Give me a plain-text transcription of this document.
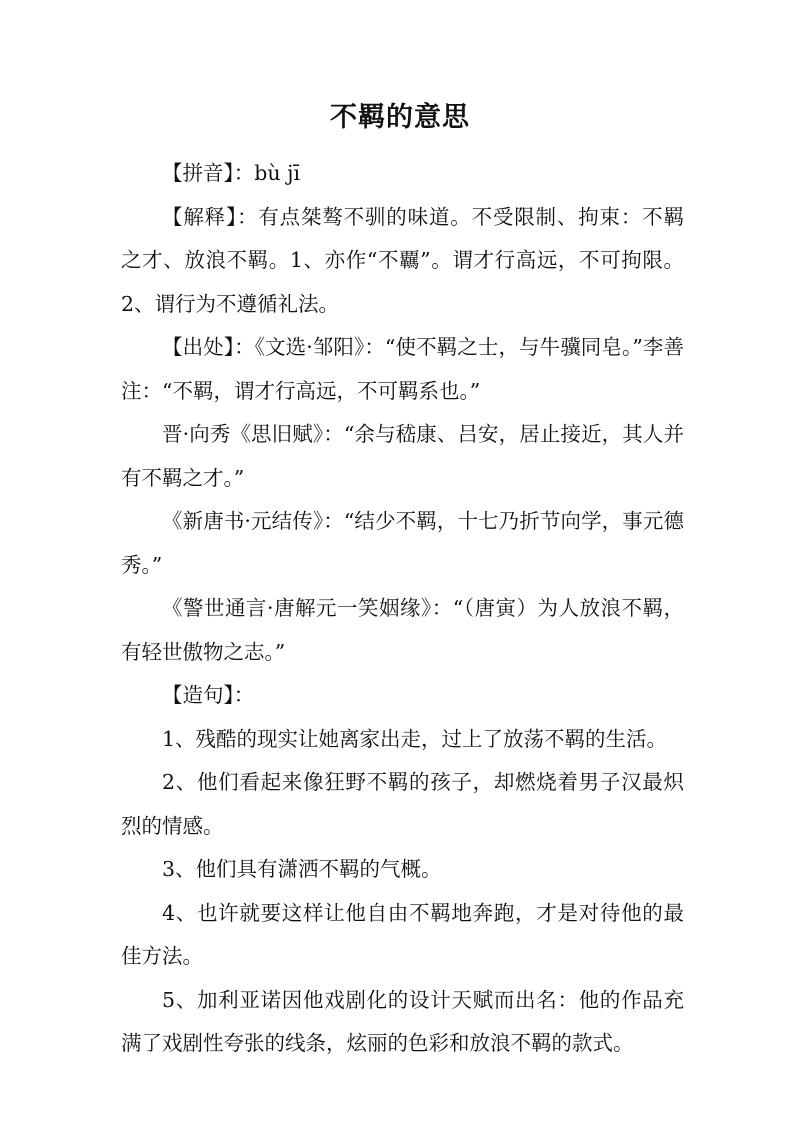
不羁的意思

【拼音】：bù jī

【解释】：有点桀骜不驯的味道。不受限制、拘束：不羁之才、放浪不羁。1、亦作“不覊”。谓才行高远，不可拘限。2、谓行为不遵循礼法。

【出处】：《文选·邹阳》：“使不羁之士，与牛骥同皂。”李善注：“不羁，谓才行高远，不可羁系也。”

晋·向秀《思旧赋》：“余与嵇康、吕安，居止接近，其人并有不羁之才。”

《新唐书·元结传》：“结少不羁，十七乃折节向学，事元德秀。”

《警世通言·唐解元一笑姻缘》：“（唐寅）为人放浪不羁，有轻世傲物之志。”

【造句】：

1、残酷的现实让她离家出走，过上了放荡不羁的生活。

2、他们看起来像狂野不羁的孩子，却燃烧着男子汉最炽烈的情感。

3、他们具有潇洒不羁的气概。

4、也许就要这样让他自由不羁地奔跑，才是对待他的最佳方法。

5、加利亚诺因他戏剧化的设计天赋而出名：他的作品充满了戏剧性夸张的线条，炫丽的色彩和放浪不羁的款式。
